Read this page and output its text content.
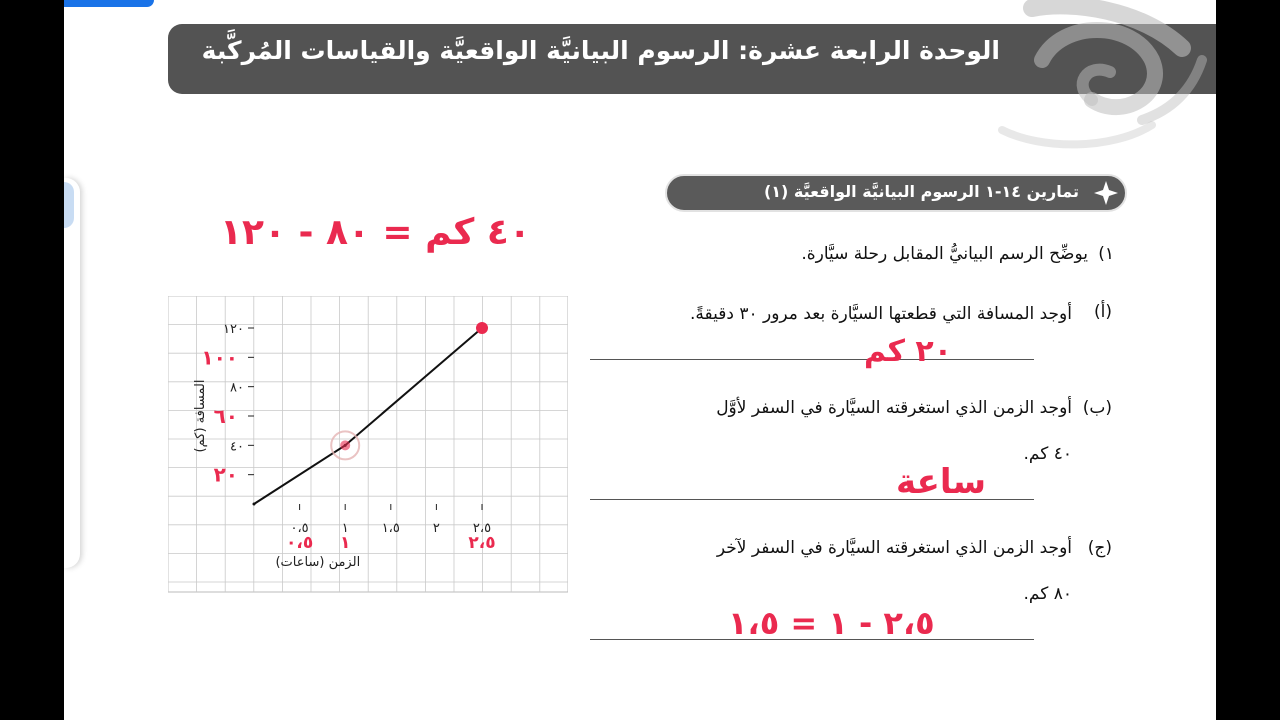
الوحدة الرابعة عشرة: الرسوم البيانيَّة الواقعيَّة والقياسات المُركَّبة
تمارين ١٤-١ الرسوم البيانيَّة الواقعيَّة (١)
١)
يوضِّح الرسم البيانيُّ المقابل رحلة سيَّارة.
(أ)
أوجد المسافة التي قطعتها السيَّارة بعد مرور ٣٠ دقيقةً.
(ب)
أوجد الزمن الذي استغرقته السيَّارة في السفر لأوَّل
٤٠ كم.
(ج)
أوجد الزمن الذي استغرقته السيَّارة في السفر لآخر
٨٠ كم.
٠،٥	١	١،٥	٢	٢،٥
٤٠
٨٠
١٢٠
الزمن (ساعات)
المسافة (كم)
١٠٠
٦٠
٢٠
٠،٥ ١	٢،٥
٤٠ كم = ٨٠ - ١٢٠
٢٠ كم
ساعة
٢،٥ - ١ = ١،٥
